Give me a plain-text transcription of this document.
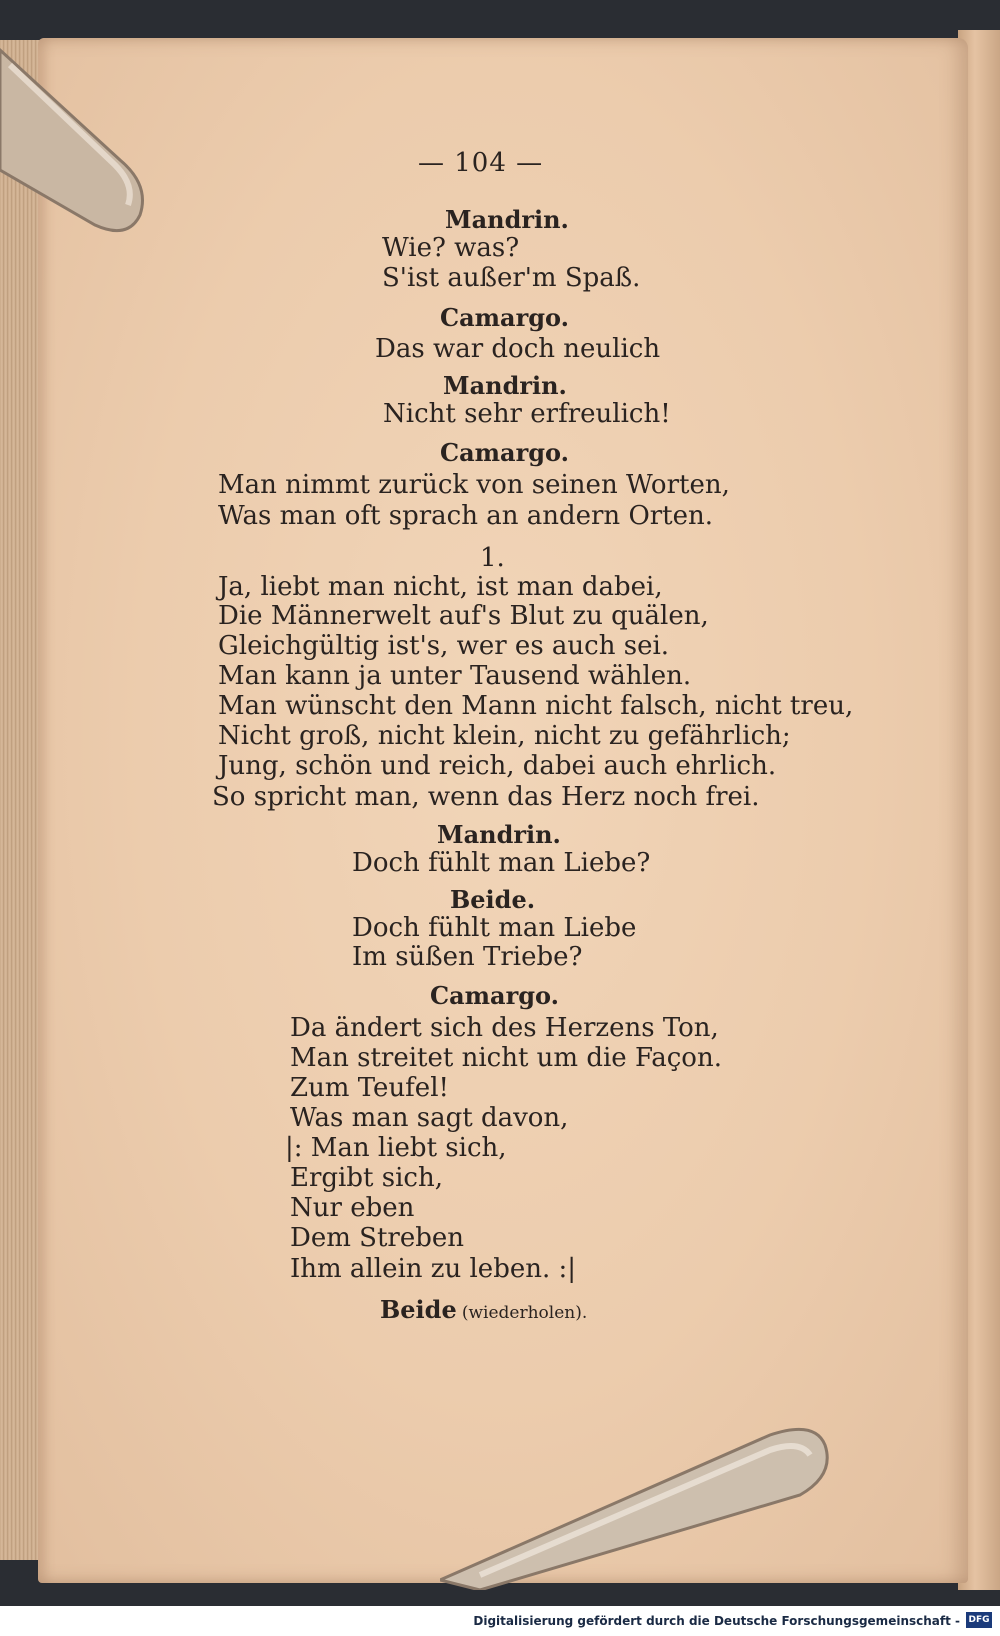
— 104 —
Mandrin.
Wie? was?
S'ist außer'm Spaß.
Camargo.
Das war doch neulich
Mandrin.
Nicht sehr erfreulich!
Camargo.
Man nimmt zurück von seinen Worten,
Was man oft sprach an andern Orten.
1.
Ja, liebt man nicht, ist man dabei,
Die Männerwelt auf's Blut zu quälen,
Gleichgültig ist's, wer es auch sei.
Man kann ja unter Tausend wählen.
Man wünscht den Mann nicht falsch, nicht treu,
Nicht groß, nicht klein, nicht zu gefährlich;
Jung, schön und reich, dabei auch ehrlich.
So spricht man, wenn das Herz noch frei.
Mandrin.
Doch fühlt man Liebe?
Beide.
Doch fühlt man Liebe
Im süßen Triebe?
Camargo.
Da ändert sich des Herzens Ton,
Man streitet nicht um die Façon.
Zum Teufel!
Was man sagt davon,
|: Man liebt sich,
Ergibt sich,
Nur eben
Dem Streben
Ihm allein zu leben. :|
Beide (wiederholen).
Digitalisierung gefördert durch die Deutsche Forschungsgemeinschaft - DFG
